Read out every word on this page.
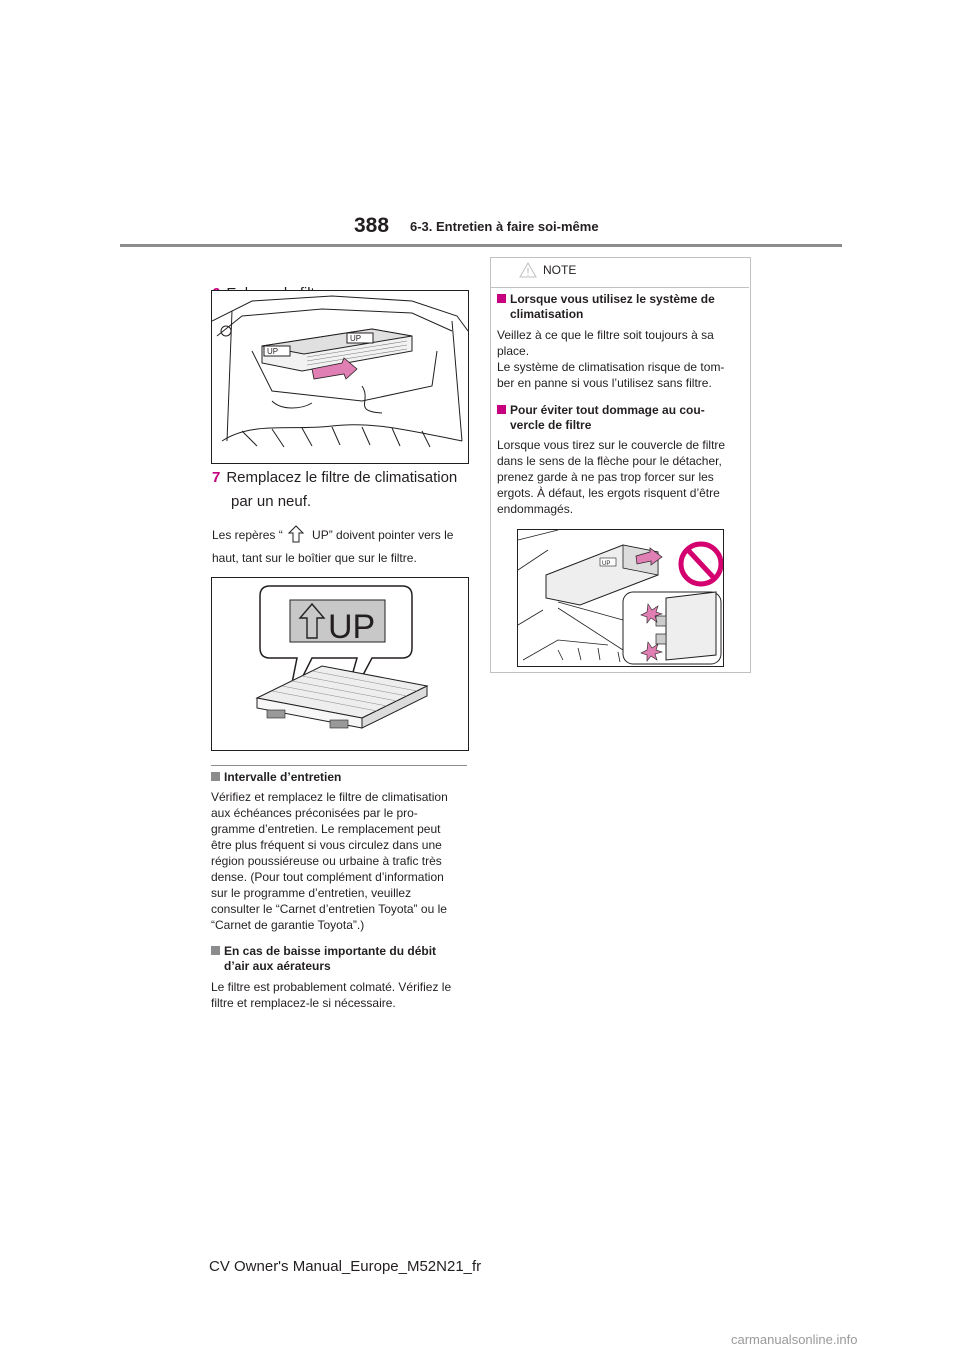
388 6-3. Entretien à faire soi-même
UP
UP
7 Remplacez le filtre de climatisation
par un neuf.
Les repères “ UP” doivent pointer vers le
haut, tant sur le boîtier que sur le filtre.
UP
Intervalle d’entretien
Vérifiez et remplacez le filtre de climatisation
aux échéances préconisées par le pro-
gramme d’entretien. Le remplacement peut
être plus fréquent si vous circulez dans une
région poussiéreuse ou urbaine à trafic très
dense. (Pour tout complément d’information
sur le programme d’entretien, veuillez
consulter le “Carnet d’entretien Toyota” ou le
“Carnet de garantie Toyota”.)
En cas de baisse importante du débit
d’air aux aérateurs
Le filtre est probablement colmaté. Vérifiez le
filtre et remplacez-le si nécessaire.
NOTE
Lorsque vous utilisez le système de
climatisation
Veillez à ce que le filtre soit toujours à sa
place.
Le système de climatisation risque de tom-
ber en panne si vous l’utilisez sans filtre.
Pour éviter tout dommage au cou-
vercle de filtre
Lorsque vous tirez sur le couvercle de filtre
dans le sens de la flèche pour le détacher,
prenez garde à ne pas trop forcer sur les
ergots. À défaut, les ergots risquent d’être
endommagés.
UP
CV Owner's Manual_Europe_M52N21_fr
carmanualsonline.info
